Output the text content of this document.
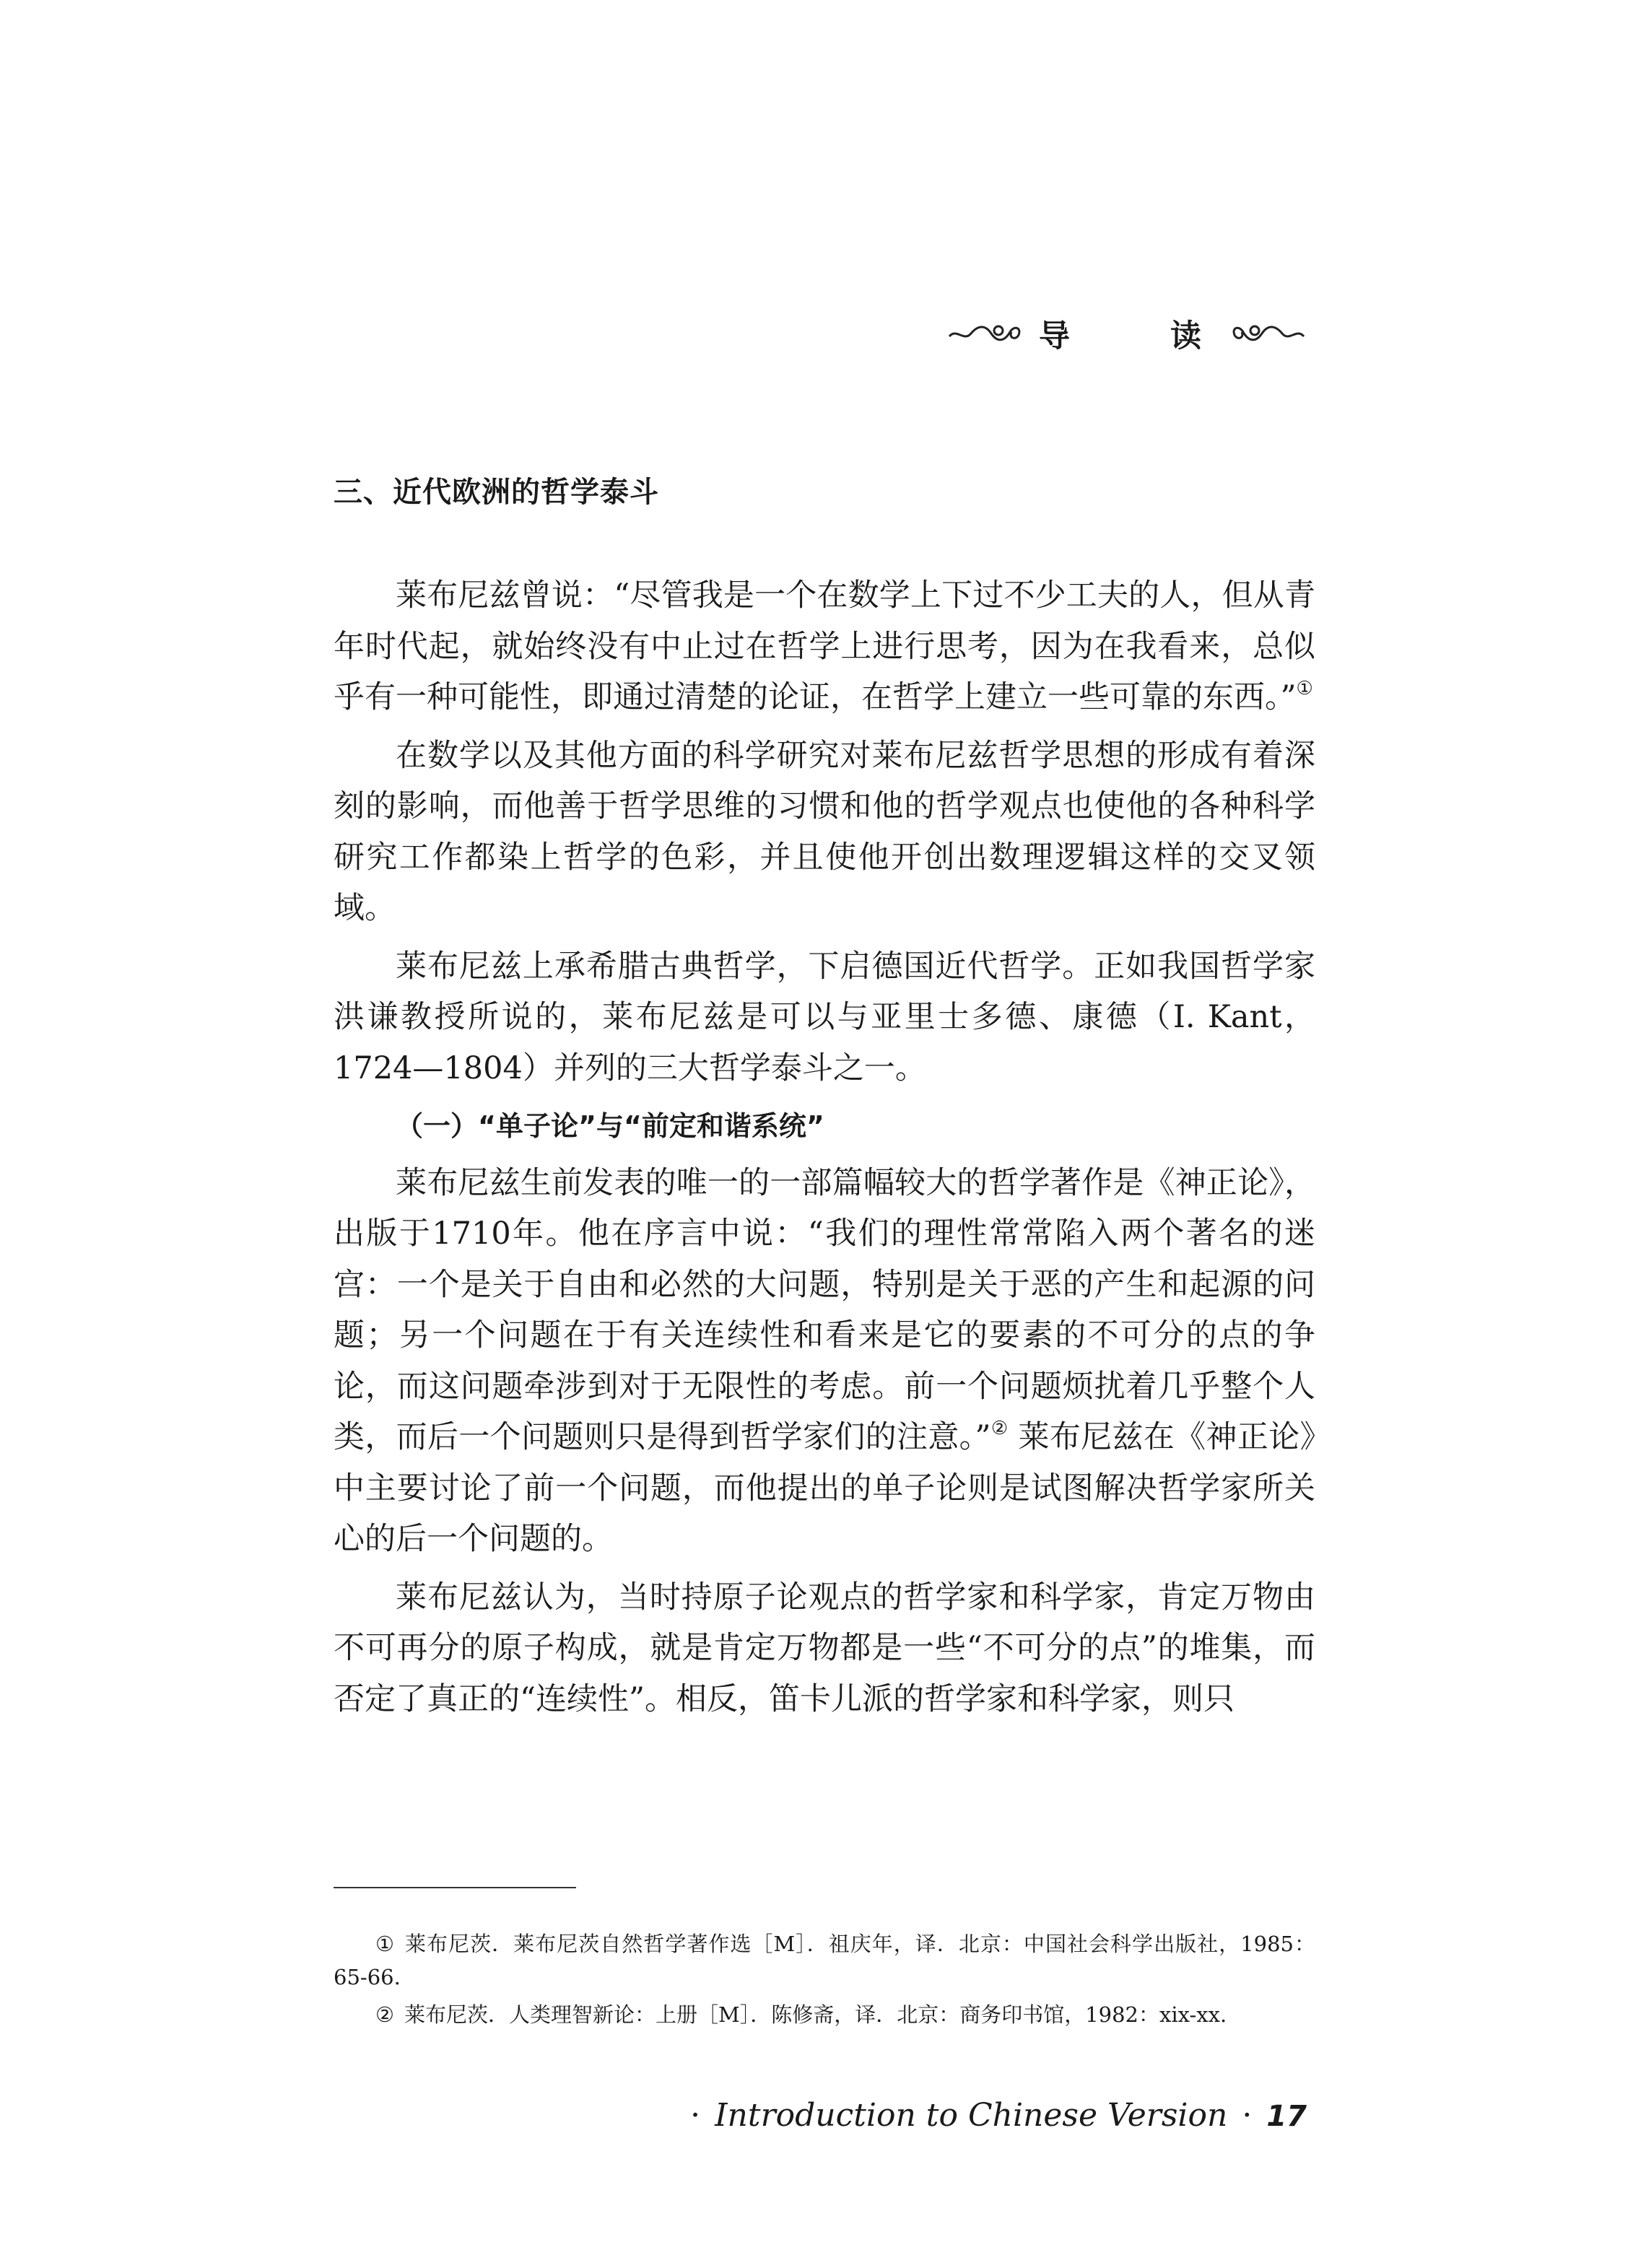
导　读
三、近代欧洲的哲学泰斗

莱布尼兹曾说：“尽管我是一个在数学上下过不少工夫的人，但从青年时代起，就始终没有中止过在哲学上进行思考，因为在我看来，总似乎有一种可能性，即通过清楚的论证，在哲学上建立一些可靠的东西。”①

在数学以及其他方面的科学研究对莱布尼兹哲学思想的形成有着深刻的影响，而他善于哲学思维的习惯和他的哲学观点也使他的各种科学研究工作都染上哲学的色彩，并且使他开创出数理逻辑这样的交叉领域。

莱布尼兹上承希腊古典哲学，下启德国近代哲学。正如我国哲学家洪谦教授所说的，莱布尼兹是可以与亚里士多德、康德（I. Kant，1724—1804）并列的三大哲学泰斗之一。

（一）“单子论”与“前定和谐系统”

莱布尼兹生前发表的唯一的一部篇幅较大的哲学著作是《神正论》，出版于1710年。他在序言中说：“我们的理性常常陷入两个著名的迷宫：一个是关于自由和必然的大问题，特别是关于恶的产生和起源的问题；另一个问题在于有关连续性和看来是它的要素的不可分的点的争论，而这问题牵涉到对于无限性的考虑。前一个问题烦扰着几乎整个人类，而后一个问题则只是得到哲学家们的注意。”② 莱布尼兹在《神正论》中主要讨论了前一个问题，而他提出的单子论则是试图解决哲学家所关心的后一个问题的。

莱布尼兹认为，当时持原子论观点的哲学家和科学家，肯定万物由不可再分的原子构成，就是肯定万物都是一些“不可分的点”的堆集，而否定了真正的“连续性”。相反，笛卡儿派的哲学家和科学家，则只

① 莱布尼茨．莱布尼茨自然哲学著作选［M］．祖庆年，译．北京：中国社会科学出版社，1985：65-66.

② 莱布尼茨．人类理智新论：上册［M］．陈修斋，译．北京：商务印书馆，1982：xix-xx.

· Introduction to Chinese Version · 17
